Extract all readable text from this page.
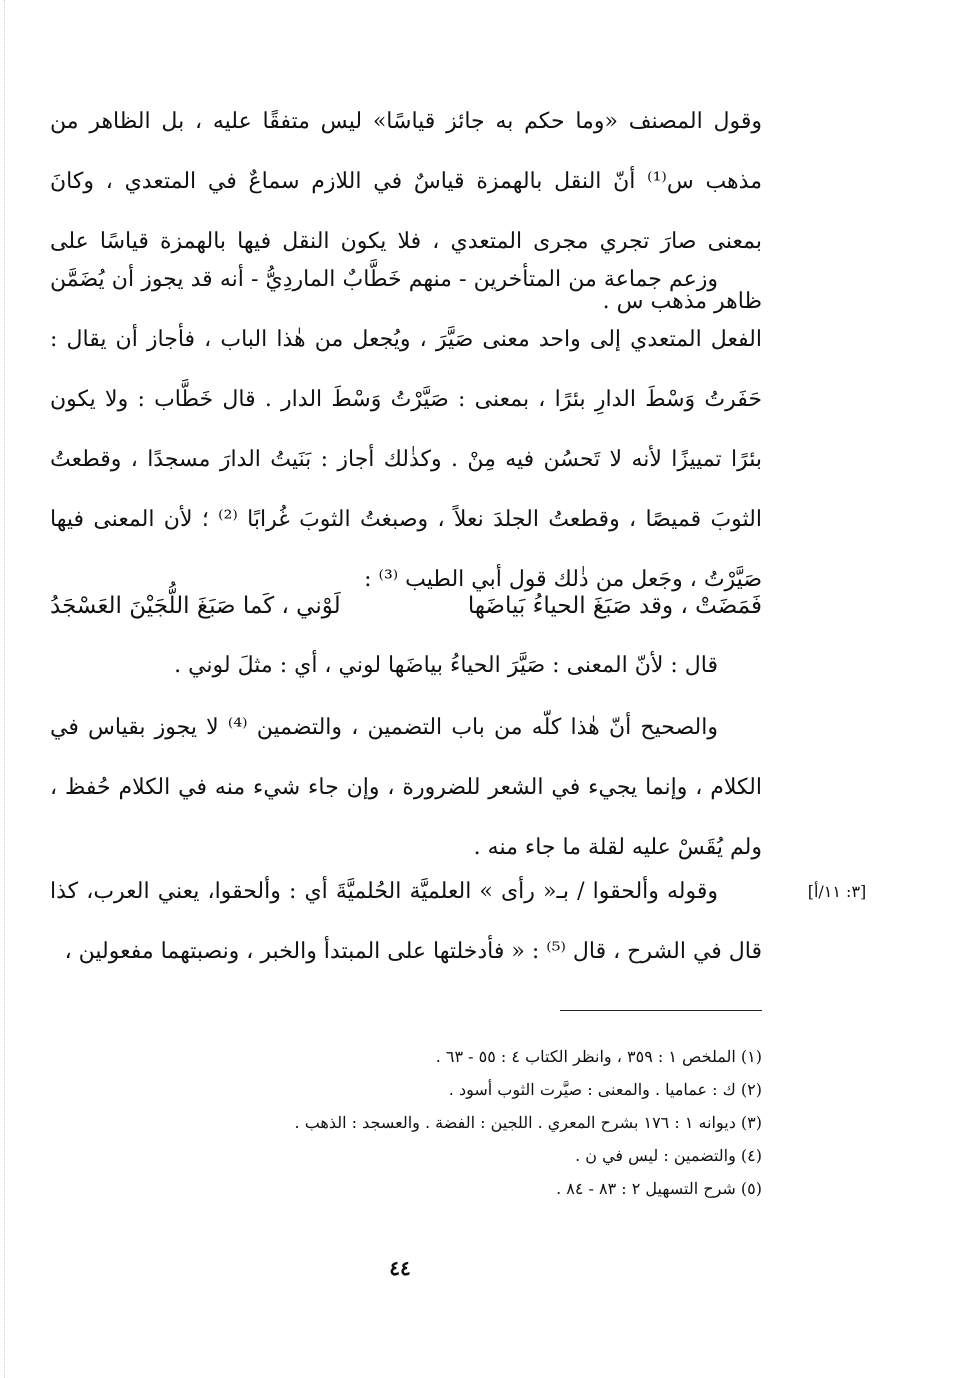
وقول المصنف «وما حكم به جائز قياسًا» ليس متفقًا عليه ، بل الظاهر من مذهب س⁽¹⁾ أنّ النقل بالهمزة قياسٌ في اللازم سماعٌ في المتعدي ، وكانَ بمعنى صارَ تجري مجرى المتعدي ، فلا يكون النقل فيها بالهمزة قياسًا على ظاهر مذهب س .

وزعم جماعة من المتأخرين - منهم خَطَّابٌ الماردِيُّ - أنه قد يجوز أن يُضَمَّن الفعل المتعدي إلى واحد معنى صَيَّرَ ، ويُجعل من هٰذا الباب ، فأجاز أن يقال : حَفَرتُ وَسْطَ الدارِ بئرًا ، بمعنى : صَيَّرْتُ وَسْطَ الدار . قال خَطَّاب : ولا يكون بئرًا تمييزًا لأنه لا تَحسُن فيه مِنْ . وكذٰلك أجاز : بَنَيتُ الدارَ مسجدًا ، وقطعتُ الثوبَ قميصًا ، وقطعتُ الجلدَ نعلاً ، وصبغتُ الثوبَ غُرابًا ⁽²⁾ ؛ لأن المعنى فيها صَيَّرْتُ ، وجَعل من ذٰلك قول أبي الطيب ⁽³⁾ :

فَمَضَتْ ، وقد صَبَغَ الحياءُ بَياضَها
لَوْني ، كَما صَبَغَ اللُّجَيْنَ العَسْجَدُ

قال : لأنّ المعنى : صَيَّرَ الحياءُ بياضَها لوني ، أي : مثلَ لوني .

والصحيح أنّ هٰذا كلّه من باب التضمين ، والتضمين ⁽⁴⁾ لا يجوز بقياس في الكلام ، وإنما يجيء في الشعر للضرورة ، وإن جاء شيء منه في الكلام حُفظ ، ولم يُقَسْ عليه لقلة ما جاء منه .

وقوله وألحقوا / بـ« رأى » العلميَّة الحُلميَّةَ أي : وألحقوا، يعني العرب، كذا قال في الشرح ، قال ⁽⁵⁾ : « فأدخلتها على المبتدأ والخبر ، ونصبتهما مفعولين ،

[٣: ١١/أ]
(١) الملخص ١ : ٣٥٩ ، وانظر الكتاب ٤ : ٥٥ - ٦٣ .
(٢) ك : عماميا . والمعنى : صيَّرت الثوب أسود .
(٣) ديوانه ١ : ١٧٦ بشرح المعري . اللجين : الفضة . والعسجد : الذهب .
(٤) والتضمين : ليس في ن .
(٥) شرح التسهيل ٢ : ٨٣ - ٨٤ .
٤٤
